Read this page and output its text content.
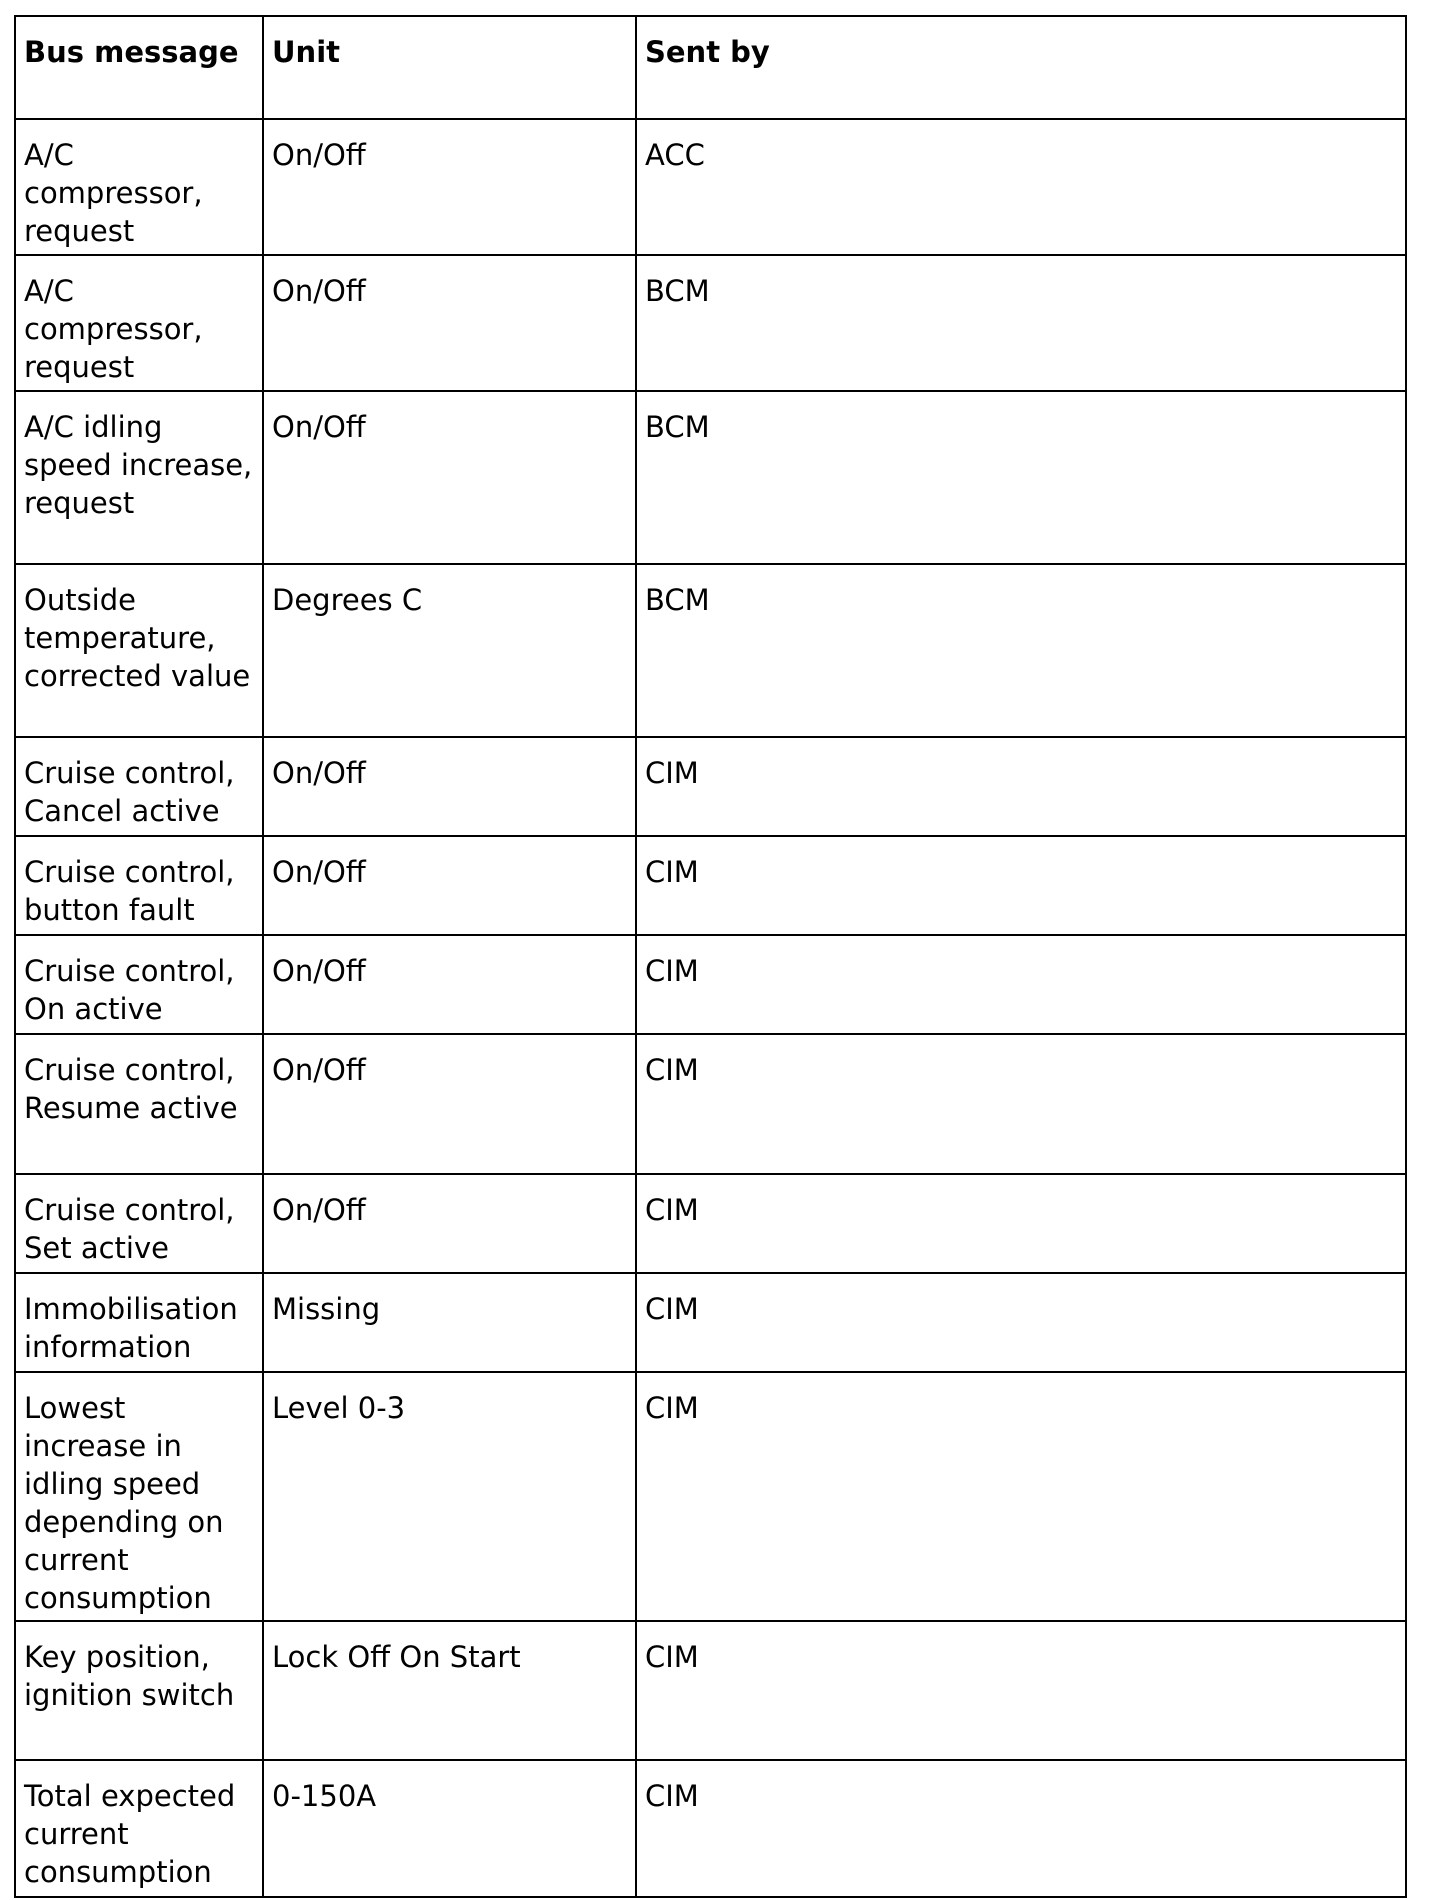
Bus message	Unit	Sent by
A/C compressor, request	On/Off	ACC
A/C compressor, request	On/Off	BCM
A/C idling speed increase, request	On/Off	BCM
Outside temperature, corrected value	Degrees C	BCM
Cruise control, Cancel active	On/Off	CIM
Cruise control, button fault	On/Off	CIM
Cruise control, On active	On/Off	CIM
Cruise control, Resume active	On/Off	CIM
Cruise control, Set active	On/Off	CIM
Immobilisation information	Missing	CIM
Lowest increase in idling speed depending on current consumption	Level 0-3	CIM
Key position, ignition switch	Lock Off On Start	CIM
Total expected current consumption	0-150A	CIM
